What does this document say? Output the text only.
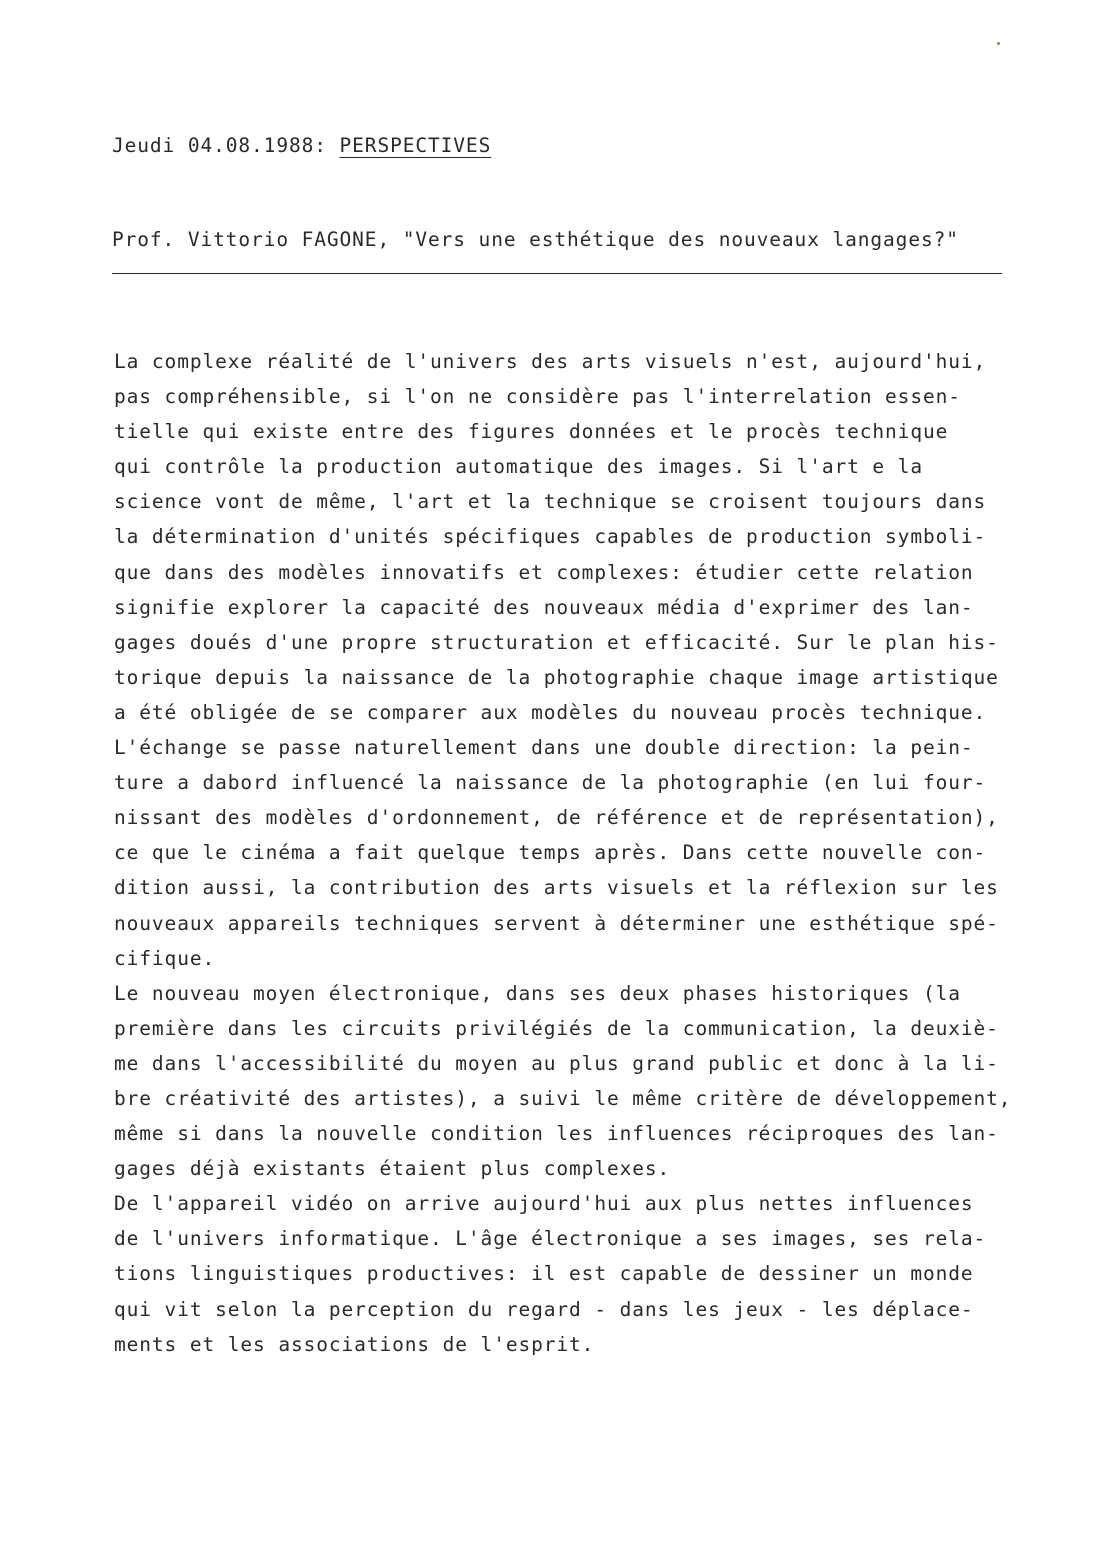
Jeudi 04.08.1988: PERSPECTIVES
Prof. Vittorio FAGONE, "Vers une esthétique des nouveaux langages?"
La complexe réalité de l'univers des arts visuels n'est, aujourd'hui,
pas compréhensible, si l'on ne considère pas l'interrelation essen-
tielle qui existe entre des figures données et le procès technique
qui contrôle la production automatique des images. Si l'art e la
science vont de même, l'art et la technique se croisent toujours dans
la détermination d'unités spécifiques capables de production symboli-
que dans des modèles innovatifs et complexes: étudier cette relation
signifie explorer la capacité des nouveaux média d'exprimer des lan-
gages doués d'une propre structuration et efficacité. Sur le plan his-
torique depuis la naissance de la photographie chaque image artistique
a été obligée de se comparer aux modèles du nouveau procès technique.
L'échange se passe naturellement dans une double direction: la pein-
ture a dabord influencé la naissance de la photographie (en lui four-
nissant des modèles d'ordonnement, de référence et de représentation),
ce que le cinéma a fait quelque temps après. Dans cette nouvelle con-
dition aussi, la contribution des arts visuels et la réflexion sur les
nouveaux appareils techniques servent à déterminer une esthétique spé-
cifique.
Le nouveau moyen électronique, dans ses deux phases historiques (la
première dans les circuits privilégiés de la communication, la deuxiè-
me dans l'accessibilité du moyen au plus grand public et donc à la li-
bre créativité des artistes), a suivi le même critère de développement,
même si dans la nouvelle condition les influences réciproques des lan-
gages déjà existants étaient plus complexes.
De l'appareil vidéo on arrive aujourd'hui aux plus nettes influences
de l'univers informatique. L'âge électronique a ses images, ses rela-
tions linguistiques productives: il est capable de dessiner un monde
qui vit selon la perception du regard - dans les jeux - les déplace-
ments et les associations de l'esprit.
